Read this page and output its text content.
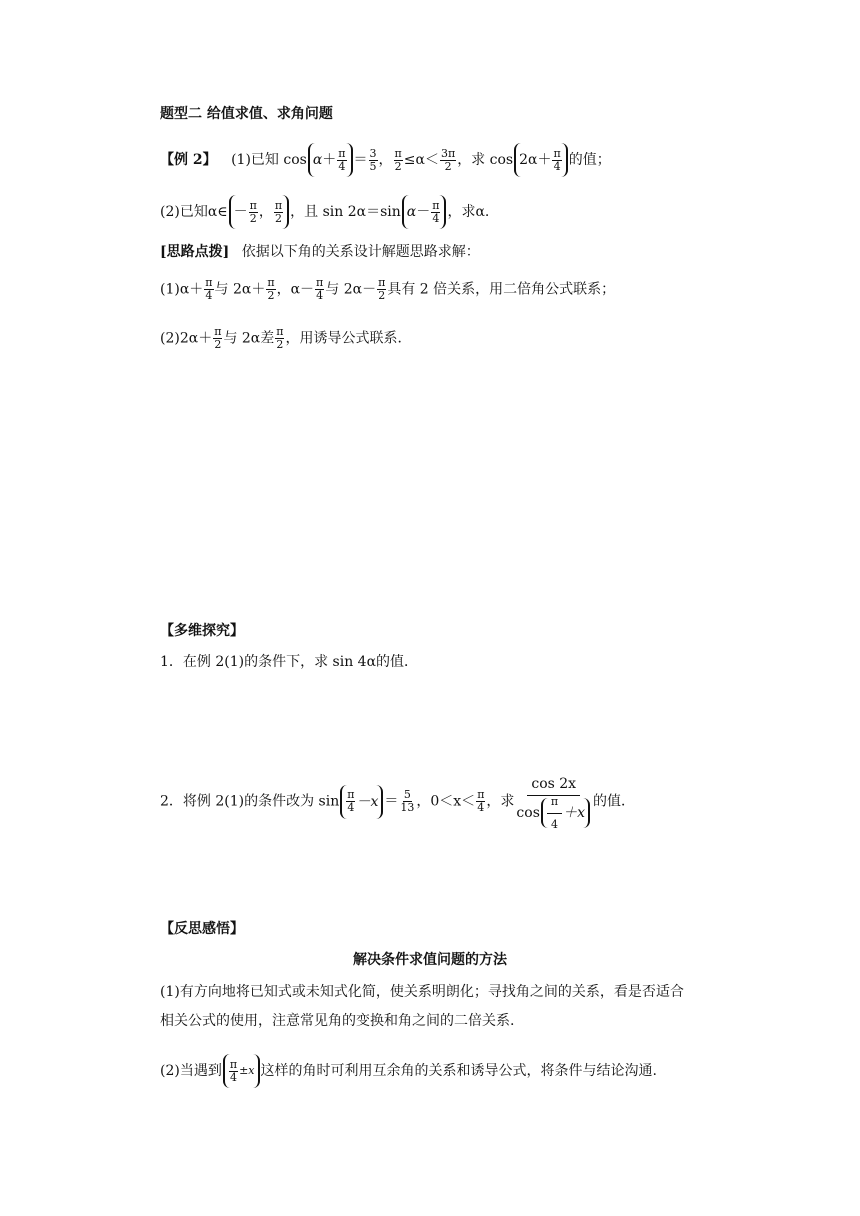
题型二 给值求值、求角问题
【例 2】 (1)已知 $\cos \alpha + \frac{\pi}{4} = \frac{3}{5}$ ， $\frac{\pi}{2} \le\alpha< \frac{3\pi}{2}$ ，求 $\cos 2\alpha + \frac{\pi}{4}$ 的值；
(2)已知α∈ － $\frac{\pi}{2}$ ， $\frac{\pi}{2}$ ，且 sin 2α＝sin $\alpha - \frac{\pi}{4}$ ，求α.
[思路点拨] 依据以下角的关系设计解题思路求解：
$(1)\alpha+ \frac{\pi}{4}$ 与 $2\alpha+ \frac{\pi}{2}$ ，$\alpha- \frac{\pi}{4}$ 与 $2\alpha- \frac{\pi}{2}$ 具有 2 倍关系，用二倍角公式联系；
$(2)2\alpha+ \frac{\pi}{2}$ 与 2α差 $\frac{\pi}{2}$ ，用诱导公式联系．
【多维探究】
1．在例 2(1)的条件下，求 sin 4α的值．
2．将例 2(1)的条件改为 $\sin \frac{\pi}{4} -x = \frac{5}{13}$ ，$0<x< \frac{\pi}{4}$ ，求 $\frac{\cos 2x}{\cos \frac{\pi}{4} +x}$ 的值．
【反思感悟】
解决条件求值问题的方法
(1)有方向地将已知式或未知式化简，使关系明朗化；寻找角之间的关系，看是否适合
相关公式的使用，注意常见角的变换和角之间的二倍关系.
(2)当遇到 $\frac{\pi}{4} \pm x$ 这样的角时可利用互余角的关系和诱导公式，将条件与结论沟通.
